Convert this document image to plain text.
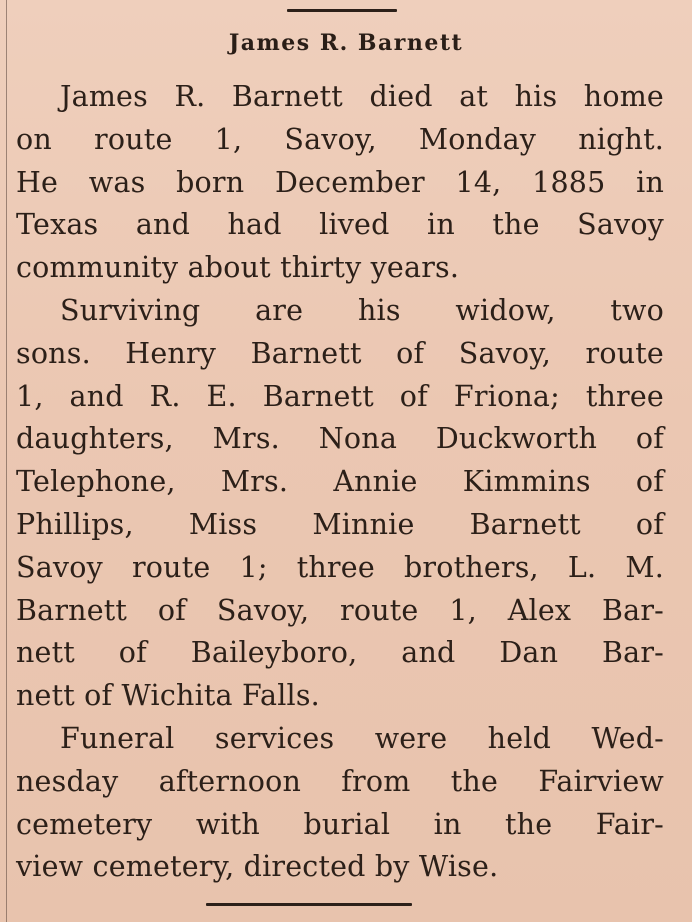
James R. Barnett
James R. Barnett died at his home
on route 1, Savoy, Monday night.
He was born December 14, 1885 in
Texas and had lived in the Savoy
community about thirty years.
Surviving are his widow, two
sons. Henry Barnett of Savoy, route
1, and R. E. Barnett of Friona; three
daughters, Mrs. Nona Duckworth of
Telephone, Mrs. Annie Kimmins of
Phillips, Miss Minnie Barnett of
Savoy route 1; three brothers, L. M.
Barnett of Savoy, route 1, Alex Bar-
nett of Baileyboro, and Dan Bar-
nett of Wichita Falls.
Funeral services were held Wed-
nesday afternoon from the Fairview
cemetery with burial in the Fair-
view cemetery, directed by Wise.
